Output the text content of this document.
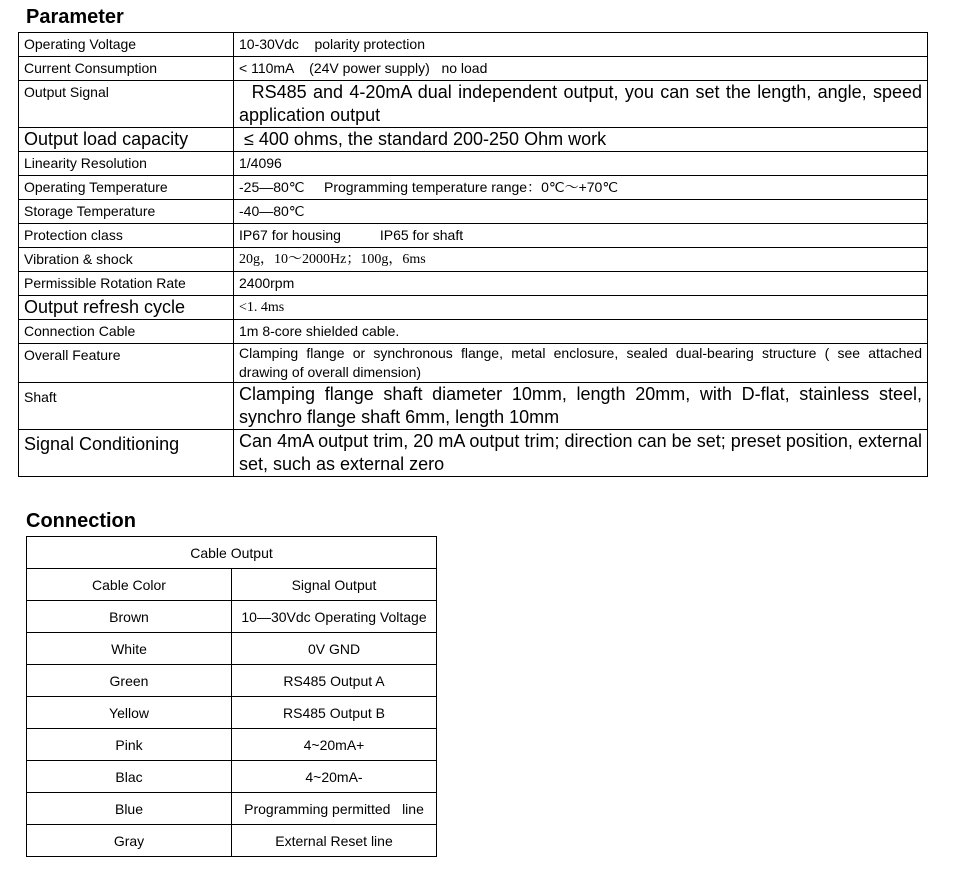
Parameter
Operating Voltage	10-30Vdc    polarity protection
Current Consumption	< 110mA    (24V power supply)   no load
Output Signal	RS485 and 4-20mA dual independent output, you can set the length, angle, speed application output
Output load capacity	≤ 400 ohms, the standard 200-250 Ohm work
Linearity Resolution	1/4096
Operating Temperature	-25—80℃     Programming temperature range：0℃～+70℃
Storage Temperature	-40—80℃
Protection class	IP67 for housing          IP65 for shaft
Vibration & shock	20g，10～2000Hz；100g，6ms
Permissible Rotation Rate	2400rpm
Output refresh cycle	<1. 4ms
Connection Cable	1m 8-core shielded cable.
Overall Feature	Clamping flange or synchronous flange, metal enclosure, sealed dual-bearing structure ( see attached drawing of overall dimension)
Shaft	Clamping flange shaft diameter 10mm, length 20mm, with D-flat, stainless steel, synchro flange shaft 6mm, length 10mm
Signal Conditioning	Can 4mA output trim, 20 mA output trim; direction can be set; preset position, external set, such as external zero
Connection
Cable Output	
Cable Color	Signal Output
Brown	10—30Vdc Operating Voltage
White	0V GND
Green	RS485 Output A
Yellow	RS485 Output B
Pink	4~20mA+
Blac	4~20mA-
Blue	Programming permitted   line
Gray	External Reset line
